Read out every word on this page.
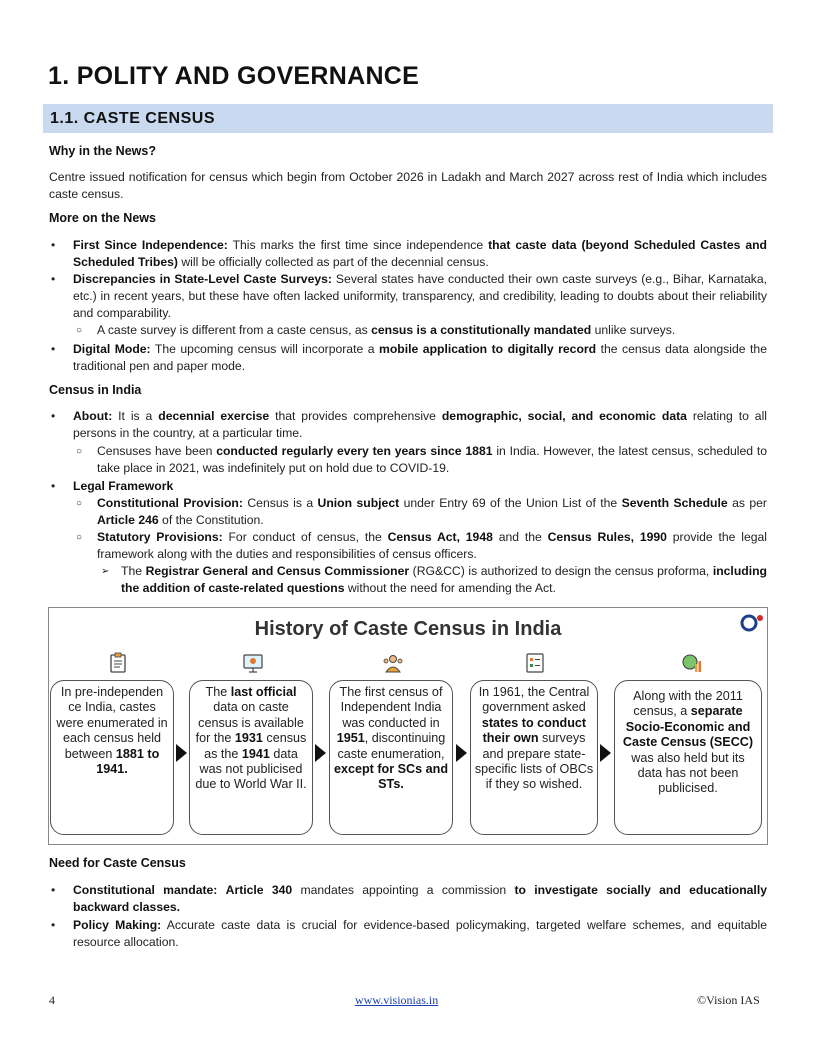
1. POLITY AND GOVERNANCE
1.1. CASTE CENSUS
Why in the News?
Centre issued notification for census which begin from October 2026 in Ladakh and March 2027 across rest of India which includes caste census.
More on the News
• First Since Independence: This marks the first time since independence that caste data (beyond Scheduled Castes and Scheduled Tribes) will be officially collected as part of the decennial census.
• Discrepancies in State-Level Caste Surveys: Several states have conducted their own caste surveys (e.g., Bihar, Karnataka, etc.) in recent years, but these have often lacked uniformity, transparency, and credibility, leading to doubts about their reliability and comparability.
○ A caste survey is different from a caste census, as census is a constitutionally mandated unlike surveys.
• Digital Mode: The upcoming census will incorporate a mobile application to digitally record the census data alongside the traditional pen and paper mode.
Census in India
• About: It is a decennial exercise that provides comprehensive demographic, social, and economic data relating to all persons in the country, at a particular time.
○ Censuses have been conducted regularly every ten years since 1881 in India. However, the latest census, scheduled to take place in 2021, was indefinitely put on hold due to COVID-19.
• Legal Framework
○ Constitutional Provision: Census is a Union subject under Entry 69 of the Union List of the Seventh Schedule as per Article 246 of the Constitution.
○ Statutory Provisions: For conduct of census, the Census Act, 1948 and the Census Rules, 1990 provide the legal framework along with the duties and responsibilities of census officers.
➢ The Registrar General and Census Commissioner (RG&CC) is authorized to design the census proforma, including the addition of caste-related questions without the need for amending the Act.
History of Caste Census in India
In pre-independen ce India, castes were enumerated in each census held between 1881 to 1941.
The last official data on caste census is available for the 1931 census as the 1941 data was not publicised due to World War II.
The first census of Independent India was conducted in 1951, discontinuing caste enumeration, except for SCs and STs.
In 1961, the Central government asked states to conduct their own surveys and prepare state-specific lists of OBCs if they so wished.
Along with the 2011 census, a separate Socio-Economic and Caste Census (SECC) was also held but its data has not been publicised.
Need for Caste Census
• Constitutional mandate: Article 340 mandates appointing a commission to investigate socially and educationally backward classes.
• Policy Making: Accurate caste data is crucial for evidence-based policymaking, targeted welfare schemes, and equitable resource allocation.
4	www.visionias.in	©Vision IAS
